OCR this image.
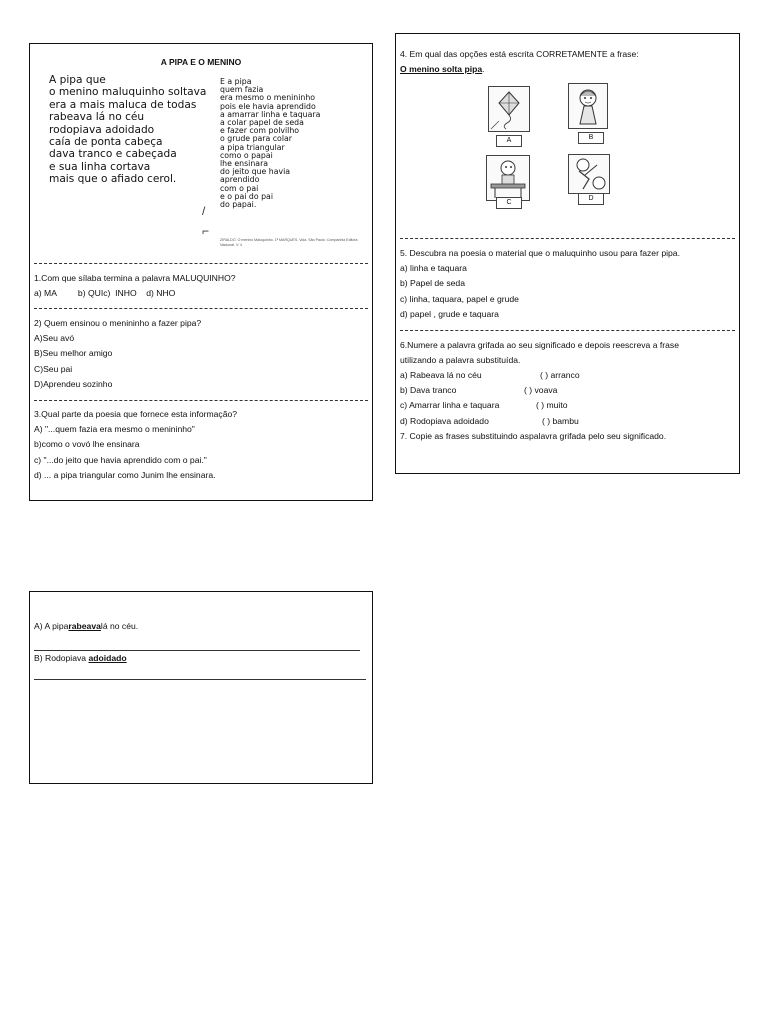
A PIPA E O MENINO
A pipa que
o menino maluquinho soltava
era a mais maluca de todas
rabeava lá no céu
rodopiava adoidado
caía de ponta cabeça
dava tranco e cabeçada
e sua linha cortava
mais que o afiado cerol.
E a pipa
quem fazia
era mesmo o menininho
pois ele havia aprendido
a amarrar linha e taquara
a colar papel de seda
e fazer com polvilho
o grude para colar
a pipa triangular
como o papai
lhe ensinara
do jeito que havia
aprendido
com o pai
e o pai do pai
do papai.
/
⌐
ZIRALDO. O menino Maluquinho. 1ª MARQUES. Vola. São Paulo: Companhia Editora Nacional. V. 4
1.Com que sílaba termina a palavra MALUQUINHO?
a) MA         b) QUIc)  INHO    d) NHO
2) Quem ensinou o menininho a fazer pipa?
A)Seu avó
B)Seu melhor amigo
C)Seu pai
D)Aprendeu sozinho
3.Qual parte da poesia que fornece esta informação?
A) "...quem fazia era mesmo o menininho"
b)como o vovó lhe ensinara
c) "...do jeito que havia aprendido com o pai."
d) ... a pipa triangular como Junim lhe ensinara.
4. Em qual das opções está escrita CORRETAMENTE a frase:
O menino solta pipa.
A	B
C
D
5. Descubra na poesia o material que o maluquinho usou para fazer pipa.
a) linha e taquara
b) Papel de seda
c) linha, taquara, papel e grude
d) papel , grude e taquara
6.Numere a palavra grifada ao seu significado e depois reescreva a frase
utilizando a palavra substituída.
a) Rabeava lá no céu
b) Dava tranco
c) Amarrar linha e taquara
d) Rodopiava adoidado
( ) arranco
( ) voava
( ) muito
( ) bambu
7. Copie as frases substituindo aspalavra grifada pelo seu significado.
A) A piparabeavalá no céu.
B) Rodopiava adoidado
